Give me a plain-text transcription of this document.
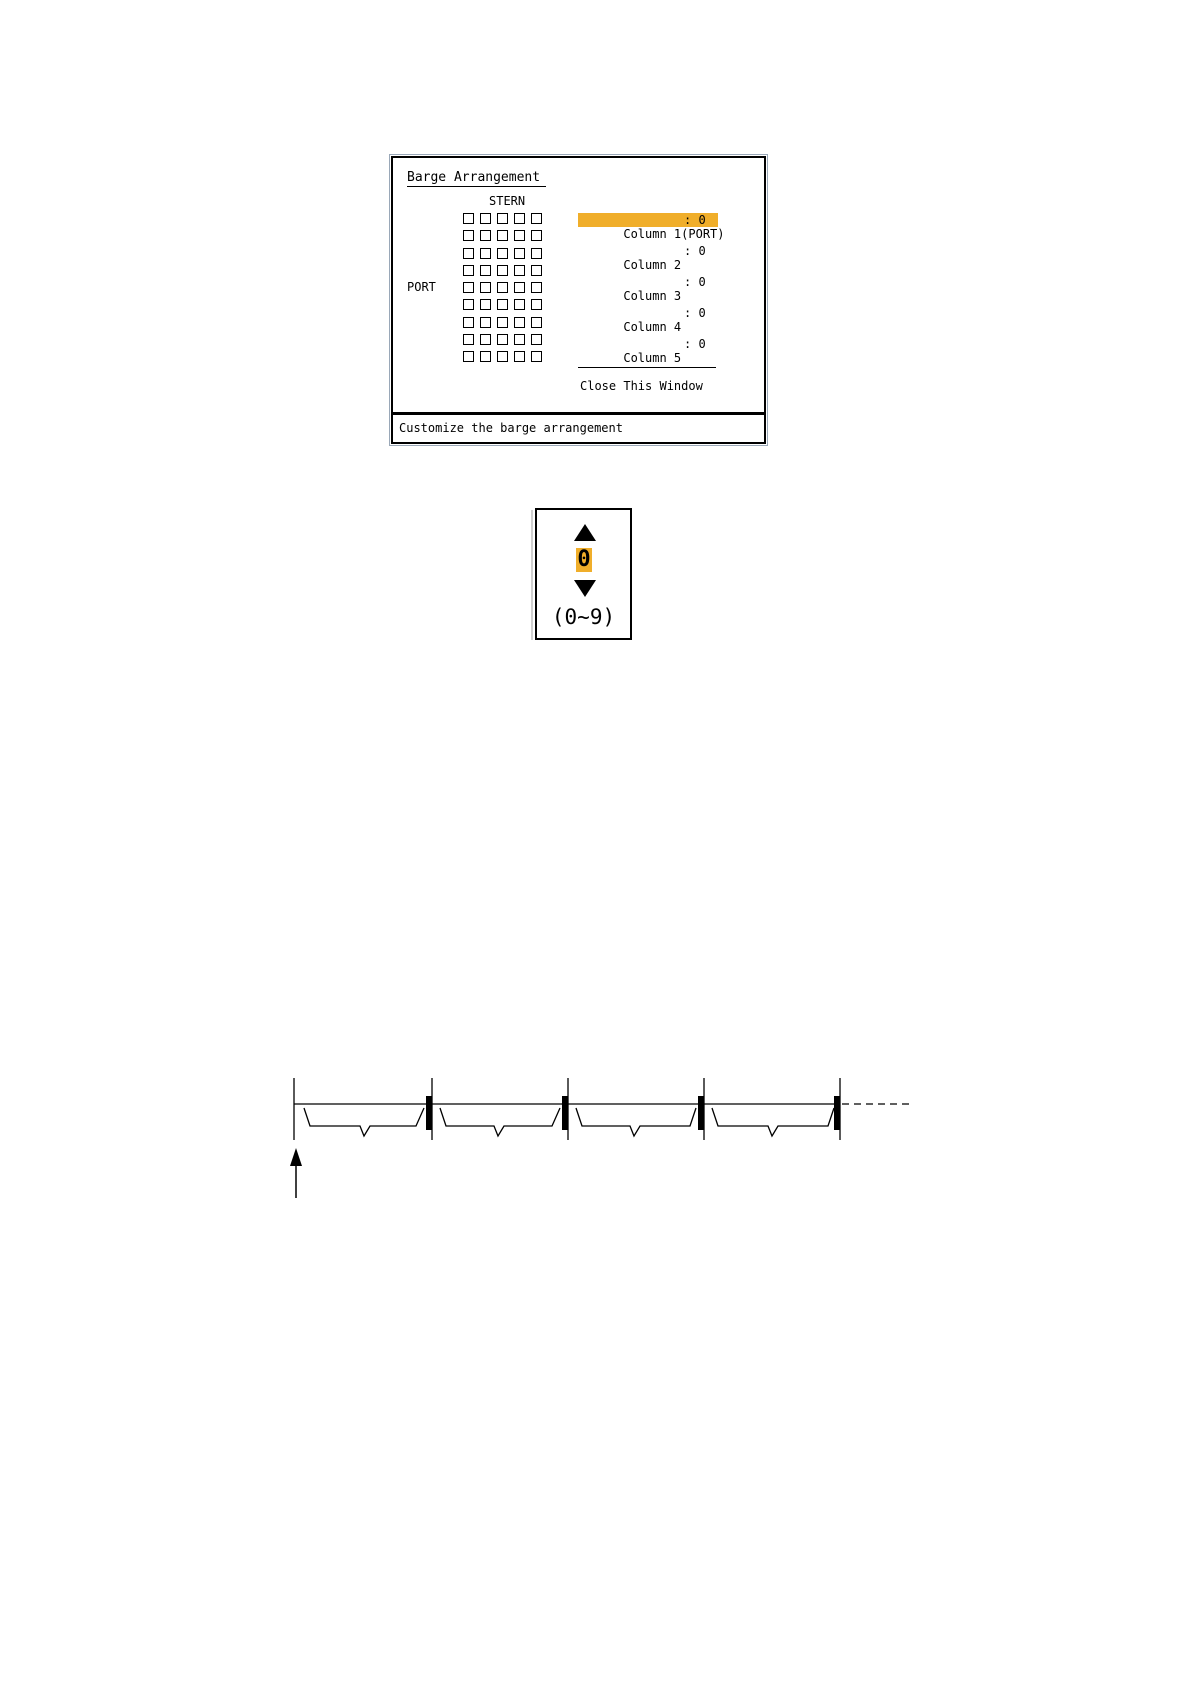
Barge Arrangement
STERN
PORT

Column 1(PORT)

: 0

Column 2

: 0

Column 3

: 0

Column 4

: 0

Column 5

: 0

Close This Window
Customize the barge arrangement
0
(0~9)
